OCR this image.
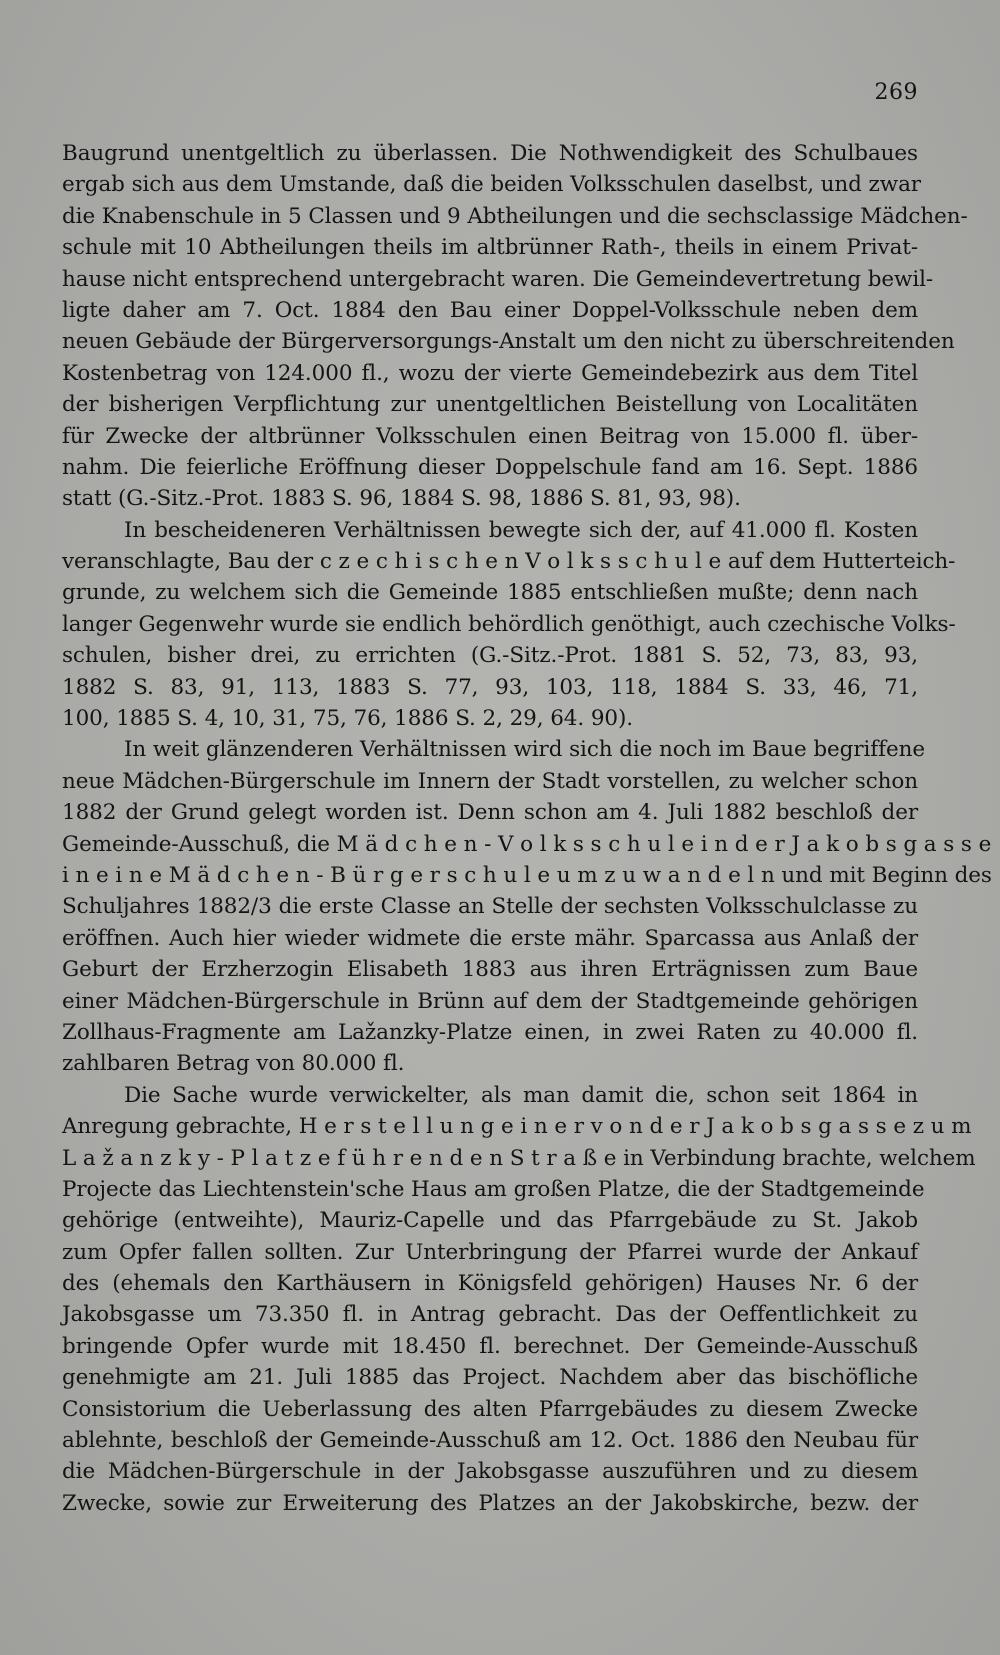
269
Baugrund unentgeltlich zu überlassen. Die Nothwendigkeit des Schulbaues
ergab sich aus dem Umstande, daß die beiden Volksschulen daselbst, und zwar
die Knabenschule in 5 Classen und 9 Abtheilungen und die sechsclassige Mädchen-
schule mit 10 Abtheilungen theils im altbrünner Rath-, theils in einem Privat-
hause nicht entsprechend untergebracht waren. Die Gemeindevertretung bewil-
ligte daher am 7. Oct. 1884 den Bau einer Doppel-Volksschule neben dem
neuen Gebäude der Bürgerversorgungs-Anstalt um den nicht zu überschreitenden
Kostenbetrag von 124.000 fl., wozu der vierte Gemeindebezirk aus dem Titel
der bisherigen Verpflichtung zur unentgeltlichen Beistellung von Localitäten
für Zwecke der altbrünner Volksschulen einen Beitrag von 15.000 fl. über-
nahm. Die feierliche Eröffnung dieser Doppelschule fand am 16. Sept. 1886
statt (G.-Sitz.-Prot. 1883 S. 96, 1884 S. 98, 1886 S. 81, 93, 98).
In bescheideneren Verhältnissen bewegte sich der, auf 41.000 fl. Kosten
veranschlagte, Bau der c z e c h i s c h e n V o l k s s c h u l e auf dem Hutterteich-
grunde, zu welchem sich die Gemeinde 1885 entschließen mußte; denn nach
langer Gegenwehr wurde sie endlich behördlich genöthigt, auch czechische Volks-
schulen, bisher drei, zu errichten (G.-Sitz.-Prot. 1881 S. 52, 73, 83, 93,
1882 S. 83, 91, 113, 1883 S. 77, 93, 103, 118, 1884 S. 33, 46, 71,
100, 1885 S. 4, 10, 31, 75, 76, 1886 S. 2, 29, 64. 90).
In weit glänzenderen Verhältnissen wird sich die noch im Baue begriffene
neue Mädchen-Bürgerschule im Innern der Stadt vorstellen, zu welcher schon
1882 der Grund gelegt worden ist. Denn schon am 4. Juli 1882 beschloß der
Gemeinde-Ausschuß, die M ä d c h e n - V o l k s s c h u l e i n d e r J a k o b s g a s s e
i n e i n e M ä d c h e n - B ü r g e r s c h u l e u m z u w a n d e l n und mit Beginn des
Schuljahres 1882/3 die erste Classe an Stelle der sechsten Volksschulclasse zu
eröffnen. Auch hier wieder widmete die erste mähr. Sparcassa aus Anlaß der
Geburt der Erzherzogin Elisabeth 1883 aus ihren Erträgnissen zum Baue
einer Mädchen-Bürgerschule in Brünn auf dem der Stadtgemeinde gehörigen
Zollhaus-Fragmente am Lažanzky-Platze einen, in zwei Raten zu 40.000 fl.
zahlbaren Betrag von 80.000 fl.
Die Sache wurde verwickelter, als man damit die, schon seit 1864 in
Anregung gebrachte, H e r s t e l l u n g e i n e r v o n d e r J a k o b s g a s s e z u m
L a ž a n z k y - P l a t z e f ü h r e n d e n S t r a ß e in Verbindung brachte, welchem
Projecte das Liechtenstein'sche Haus am großen Platze, die der Stadtgemeinde
gehörige (entweihte), Mauriz-Capelle und das Pfarrgebäude zu St. Jakob
zum Opfer fallen sollten. Zur Unterbringung der Pfarrei wurde der Ankauf
des (ehemals den Karthäusern in Königsfeld gehörigen) Hauses Nr. 6 der
Jakobsgasse um 73.350 fl. in Antrag gebracht. Das der Oeffentlichkeit zu
bringende Opfer wurde mit 18.450 fl. berechnet. Der Gemeinde-Ausschuß
genehmigte am 21. Juli 1885 das Project. Nachdem aber das bischöfliche
Consistorium die Ueberlassung des alten Pfarrgebäudes zu diesem Zwecke
ablehnte, beschloß der Gemeinde-Ausschuß am 12. Oct. 1886 den Neubau für
die Mädchen-Bürgerschule in der Jakobsgasse auszuführen und zu diesem
Zwecke, sowie zur Erweiterung des Platzes an der Jakobskirche, bezw. der
